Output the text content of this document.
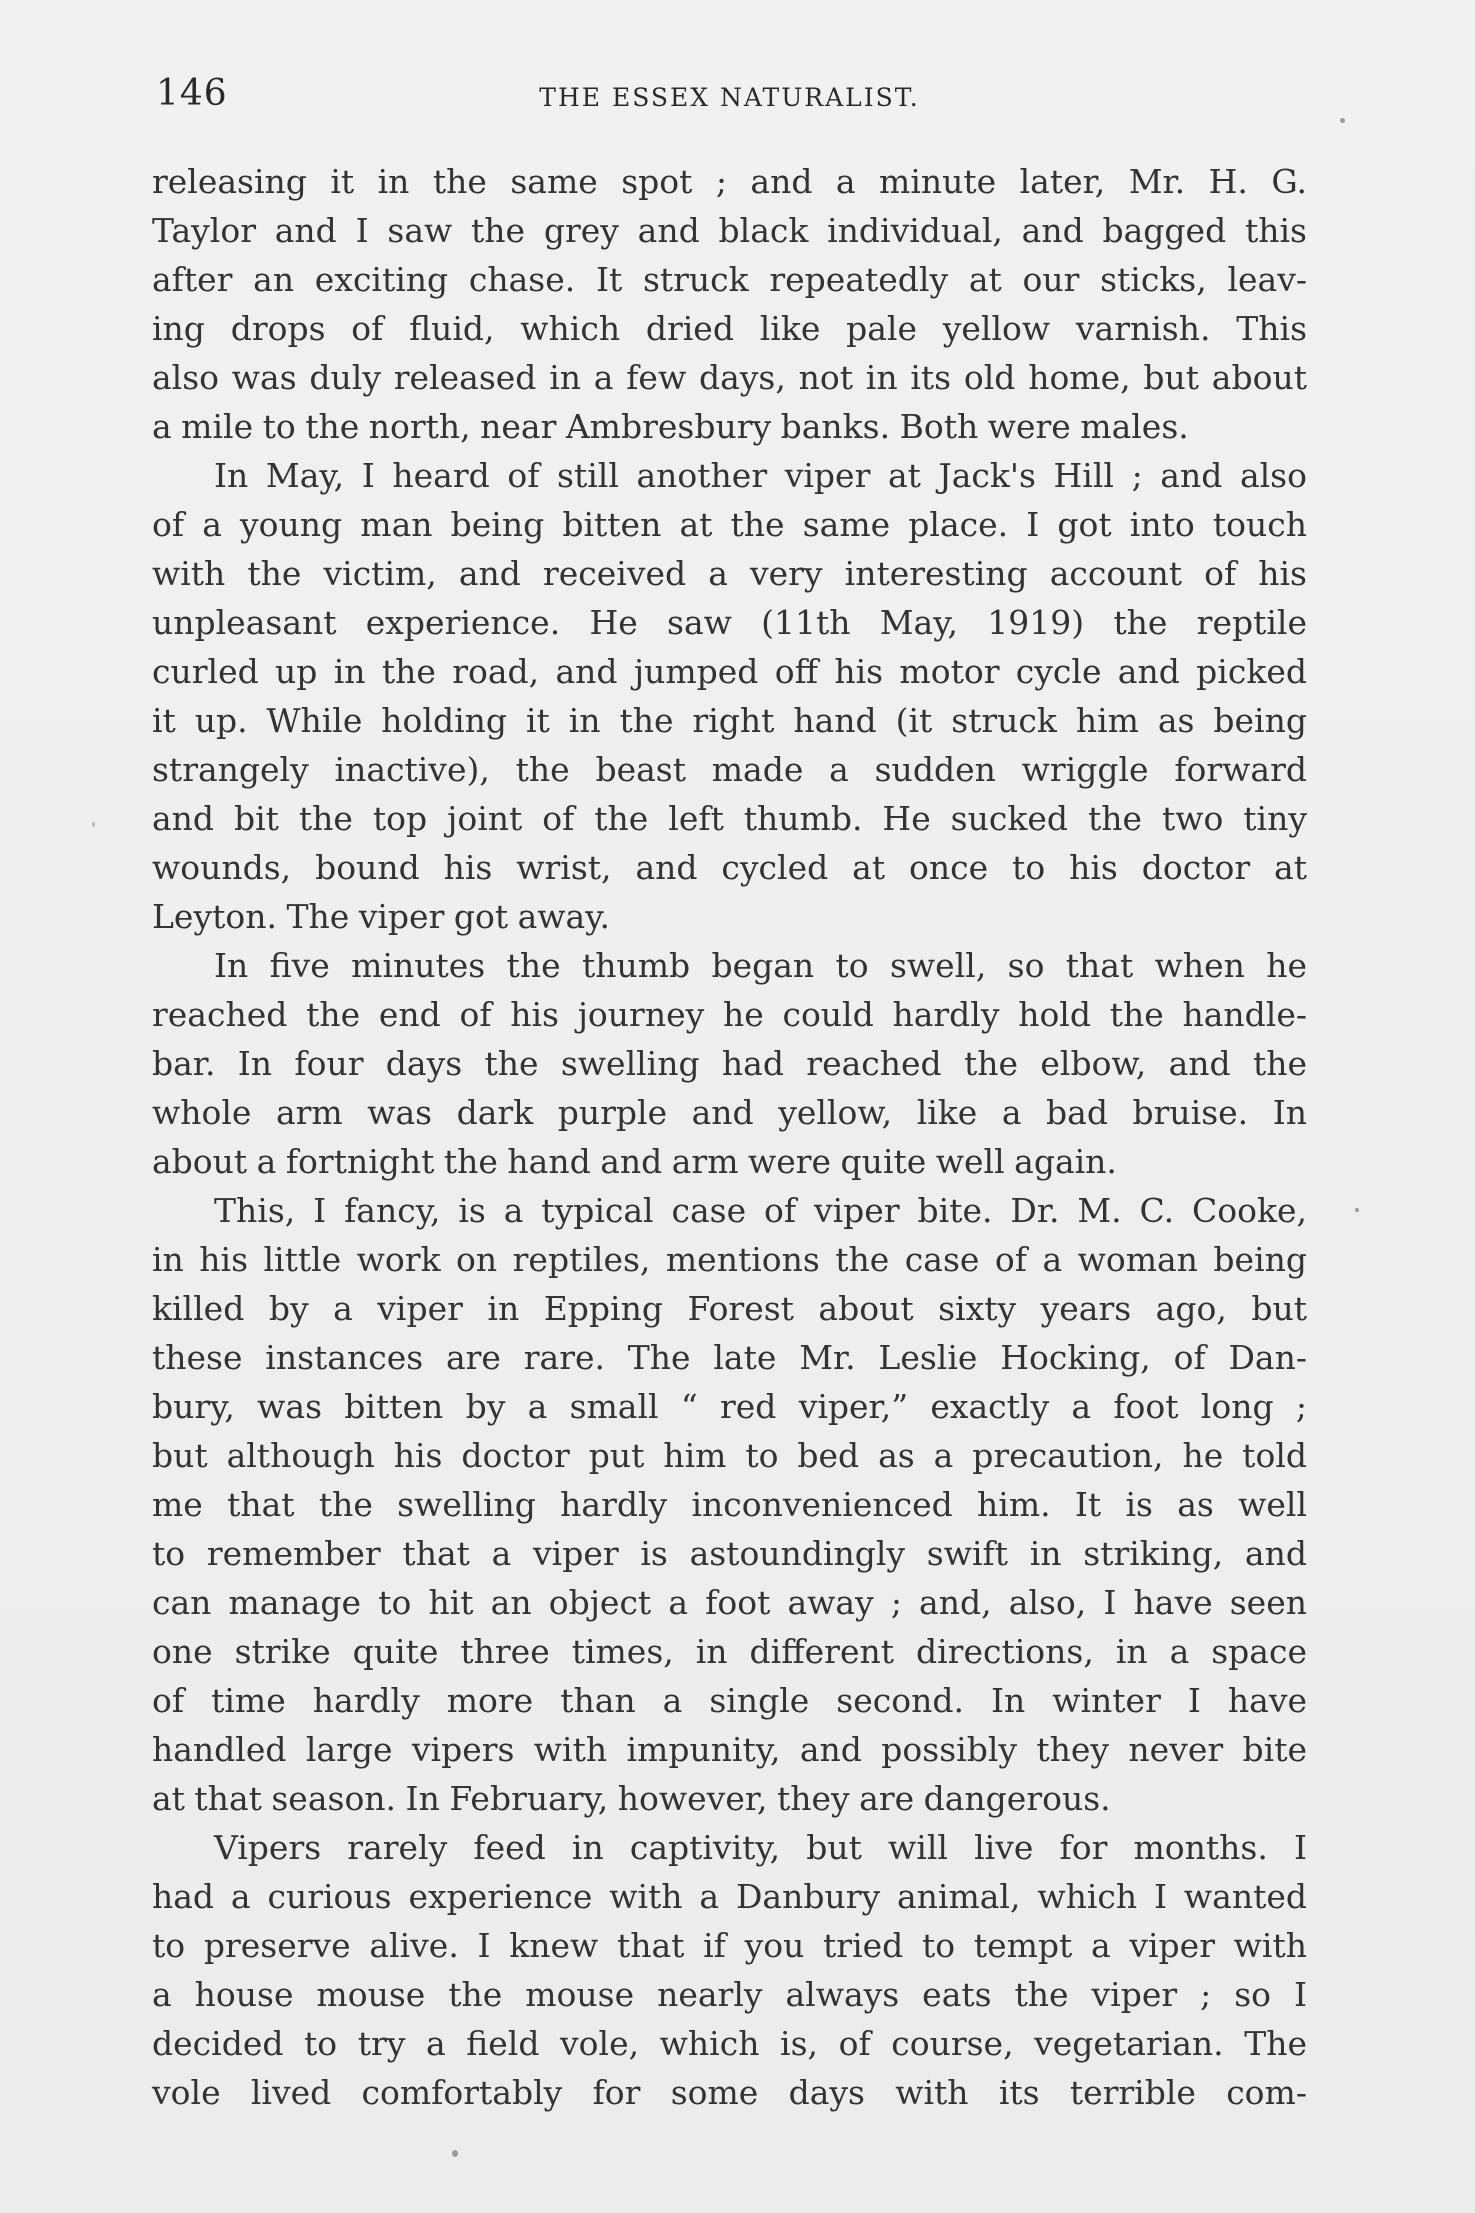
146	THE ESSEX NATURALIST.
releasing it in the same spot ; and a minute later, Mr. H. G.
Taylor and I saw the grey and black individual, and bagged this
after an exciting chase. It struck repeatedly at our sticks, leav-
ing drops of fluid, which dried like pale yellow varnish. This
also was duly released in a few days, not in its old home, but about
a mile to the north, near Ambresbury banks. Both were males.
In May, I heard of still another viper at Jack's Hill ; and also
of a young man being bitten at the same place. I got into touch
with the victim, and received a very interesting account of his
unpleasant experience. He saw (11th May, 1919) the reptile
curled up in the road, and jumped off his motor cycle and picked
it up. While holding it in the right hand (it struck him as being
strangely inactive), the beast made a sudden wriggle forward
and bit the top joint of the left thumb. He sucked the two tiny
wounds, bound his wrist, and cycled at once to his doctor at
Leyton. The viper got away.
In five minutes the thumb began to swell, so that when he
reached the end of his journey he could hardly hold the handle-
bar. In four days the swelling had reached the elbow, and the
whole arm was dark purple and yellow, like a bad bruise. In
about a fortnight the hand and arm were quite well again.
This, I fancy, is a typical case of viper bite. Dr. M. C. Cooke,
in his little work on reptiles, mentions the case of a woman being
killed by a viper in Epping Forest about sixty years ago, but
these instances are rare. The late Mr. Leslie Hocking, of Dan-
bury, was bitten by a small “ red viper,” exactly a foot long ;
but although his doctor put him to bed as a precaution, he told
me that the swelling hardly inconvenienced him. It is as well
to remember that a viper is astoundingly swift in striking, and
can manage to hit an object a foot away ; and, also, I have seen
one strike quite three times, in different directions, in a space
of time hardly more than a single second. In winter I have
handled large vipers with impunity, and possibly they never bite
at that season. In February, however, they are dangerous.
Vipers rarely feed in captivity, but will live for months. I
had a curious experience with a Danbury animal, which I wanted
to preserve alive. I knew that if you tried to tempt a viper with
a house mouse the mouse nearly always eats the viper ; so I
decided to try a field vole, which is, of course, vegetarian. The
vole lived comfortably for some days with its terrible com-
